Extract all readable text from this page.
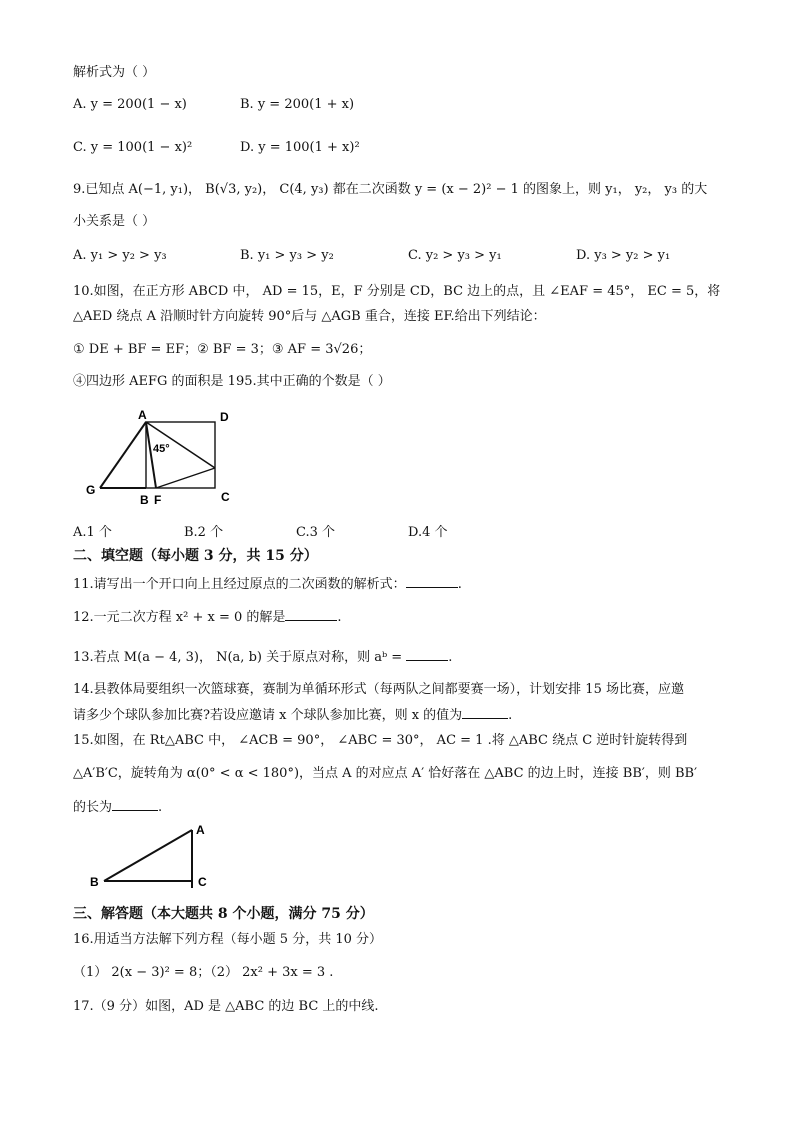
解析式为（ ）
A. y = 200(1 − x)	B. y = 200(1 + x)
C. y = 100(1 − x)²	D. y = 100(1 + x)²
9.已知点 A(−1, y₁)， B(√3, y₂)， C(4, y₃) 都在二次函数 y = (x − 2)² − 1 的图象上，则 y₁， y₂， y₃ 的大
小关系是（ ）
A. y₁ > y₂ > y₃	B. y₁ > y₃ > y₂	C. y₂ > y₃ > y₁	D. y₃ > y₂ > y₁
10.如图，在正方形 ABCD 中， AD = 15，E，F 分别是 CD，BC 边上的点，且 ∠EAF = 45°， EC = 5，将
△AED 绕点 A 沿顺时针方向旋转 90°后与 △AGB 重合，连接 EF.给出下列结论：
① DE + BF = EF；② BF = 3；③ AF = 3√26；
④四边形 AEFG 的面积是 195.其中正确的个数是（ ）
A	D
45°
G
B F	C
A.1 个	B.2 个	C.3 个	D.4 个
二、填空题（每小题 3 分，共 15 分）
11.请写出一个开口向上且经过原点的二次函数的解析式：	.
12.一元二次方程 x² + x = 0 的解是	.
13.若点 M(a − 4, 3)， N(a, b) 关于原点对称，则 aᵇ =	.
14.县教体局要组织一次篮球赛，赛制为单循环形式（每两队之间都要赛一场），计划安排 15 场比赛，应邀
请多少个球队参加比赛?若设应邀请 x 个球队参加比赛，则 x 的值为	.
15.如图，在 Rt△ABC 中， ∠ACB = 90°， ∠ABC = 30°， AC = 1 .将 △ABC 绕点 C 逆时针旋转得到
△A′B′C，旋转角为 α(0° < α < 180°)，当点 A 的对应点 A′ 恰好落在 △ABC 的边上时，连接 BB′，则 BB′
的长为	.
A
B	C
三、解答题（本大题共 8 个小题，满分 75 分）
16.用适当方法解下列方程（每小题 5 分，共 10 分）
（1） 2(x − 3)² = 8；（2） 2x² + 3x = 3 .
17.（9 分）如图，AD 是 △ABC 的边 BC 上的中线.
